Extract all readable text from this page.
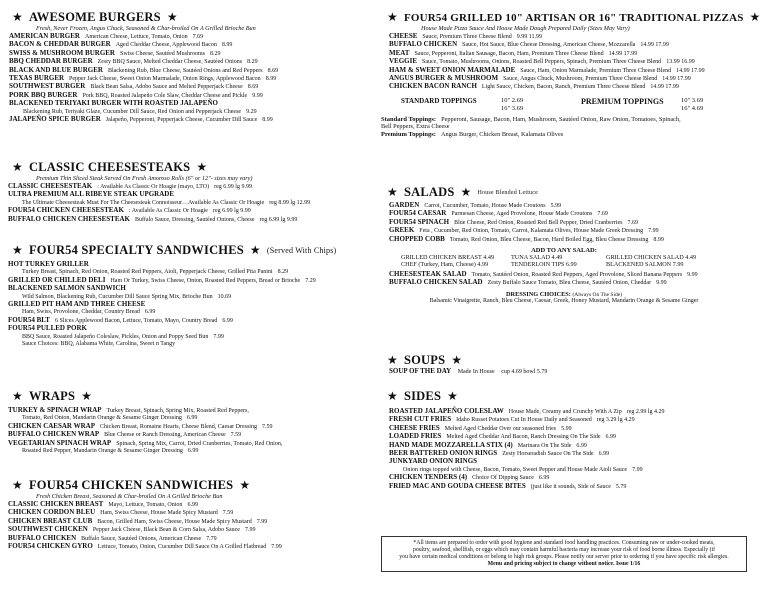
★ AWESOME BURGERS ★
Fresh, Never Frozen, Angus Chuck, Seasoned & Char-broiled On A Grilled Brioche Bun
AMERICAN BURGER American Cheese, Lettuce, Tomato, Onion 7.69
BACON & CHEDDAR BURGER Aged Cheddar Cheese, Applewood Bacon 8.99
SWISS & MUSHROOM BURGER Swiss Cheese, Sautéed Mushrooms 8.29
BBQ CHEDDAR BURGER Zesty BBQ Sauce, Melted Cheddar Cheese, Sautéed Onions 8.29
BLACK AND BLUE BURGER Blackening Rub, Blue Cheese, Sautéed Onions and Red Peppers 8.69
TEXAS BURGER Pepper Jack Cheese, Sweet Onion Marmalade, Onion Rings, Applewood Bacon 8.99
SOUTHWEST BURGER Black Bean Salsa, Adobo Sauce and Melted Pepperjack Cheese 8.69
PORK BBQ BURGER Pork BBQ, Roasted Jalapeño Cole Slaw, Cheddar Cheese and Pickle 9.99
BLACKENED TERIYAKI BURGER WITH ROASTED JALAPEÑO
Blackening Rub, Teriyaki Glaze, Cucumber Dill Sauce, Red Onion and Pepperjack Cheese 9.29
JALAPEÑO SPICE BURGER Jalapeño, Pepperoni, Pepperjack Cheese, Cucumber Dill Sauce 8.99
★ CLASSIC CHEESESTEAKS ★
Premium Thin Sliced Steak Served On Fresh Amoroso Rolls (6" or 12"- sizes may vary)
CLASSIC CHEESESTEAK : Available As Classic Or Hoagie (mayo, LTO) reg 6.99 lg 9.99
ULTRA PREMIUM ALL RIBEYE STEAK UPGRADE
The Ultimate Cheesesteak Must For The Cheesesteak Connoisseur…Available As Classic Or Hoagie reg 8.99 lg 12.99
FOUR54 CHICKEN CHEESESTEAK : Available As Classic Or Hoagie reg 6.99 lg 9.99
BUFFALO CHICKEN CHEESESTEAK Buffalo Sauce, Dressing, Sautéed Onions, Cheese reg 6.99 lg 9.99
★ FOUR54 SPECIALTY SANDWICHES ★ (Served With Chips)
HOT TURKEY GRILLER
Turkey Breast, Spinach, Red Onion, Roasted Red Peppers, Aioli, Pepperjack Cheese, Grilled Pita Panini 8.29
GRILLED OR CHILLED DELI Ham Or Turkey, Swiss Cheese, Onion, Roasted Red Peppers, Bread or Brioche 7.29
BLACKENED SALMON SANDWICH
Wild Salmon, Blackening Rub, Cucumber Dill Sauce Spring Mix, Brioche Bun 10.69
GRILLED PIT HAM AND THREE CHEESE
Ham, Swiss, Provolone, Cheddar, Country Bread 6.99
FOUR54 BLT 6 Slices Applewood Bacon, Lettuce, Tomato, Mayo, Country Bread 6.99
FOUR54 PULLED PORK
BBQ Sauce, Roasted Jalapeño Coleslaw, Pickles, Onion and Poppy Seed Bun 7.99
Sauce Choices: BBQ, Alabama White, Carolina, Sweet n Tangy
★ WRAPS ★
TURKEY & SPINACH WRAP Turkey Breast, Spinach, Spring Mix, Roasted Red Peppers,
Tomato, Red Onion, Mandarin Orange & Sesame Ginger Dressing 6.99
CHICKEN CAESAR WRAP Chicken Breast, Romaine Hearts, Cheese Blend, Caesar Dressing 7.59
BUFFALO CHICKEN WRAP Blue Cheese or Ranch Dressing, American Cheese 7.59
VEGETARIAN SPINACH WRAP Spinach, Spring Mix, Carrot, Dried Cranberries, Tomato, Red Onion,
Roasted Red Pepper, Mandarin Orange & Sesame Ginger Dressing 6.99
★ FOUR54 CHICKEN SANDWICHES ★
Fresh Chicken Breast, Seasoned & Char-broiled On A Grilled Brioche Bun
CLASSIC CHICKEN BREAST Mayo, Lettuce, Tomato, Onion 6.99
CHICKEN CORDON BLEU Ham, Swiss Cheese, House Made Spicy Mustard 7.59
CHICKEN BREAST CLUB Bacon, Grilled Ham, Swiss Cheese, House Made Spicy Mustard 7.99
SOUTHWEST CHICKEN Pepper Jack Cheese, Black Bean & Corn Salsa, Adobo Sauce 7.99
BUFFALO CHICKEN Buffalo Sauce, Sautéed Onions, American Cheese 7.79
FOUR54 CHICKEN GYRO Lettuce, Tomato, Onion, Cucumber Dill Sauce On A Grilled Flatbread 7.99
★ FOUR54 GRILLED 10" ARTISAN OR 16" TRADITIONAL PIZZAS ★
House Made Pizza Sauce And House Made Dough Prepared Daily (Sizes May Vary)
CHEESE Sauce, Premium Three Cheese Blend 9.99 11.99
BUFFALO CHICKEN Sauce, Hot Sauce, Blue Cheese Dressing, American Cheese, Mozzarella 14.99 17.99
MEAT Sauce, Pepperoni, Italian Sausage, Bacon, Ham, Premium Three Cheese Blend 14.99 17.99
VEGGIE Sauce, Tomato, Mushrooms, Onions, Roasted Bell Peppers, Spinach, Premium Three Cheese Blend 13.99 16.99
HAM & SWEET ONION MARMALADE Sauce, Ham, Onion Marmalade, Premium Three Cheese Blend 14.99 17.99
ANGUS BURGER & MUSHROOM Sauce, Angus Chuck, Mushroom, Premium Three Cheese Blend 14.99 17.99
CHICKEN BACON RANCH Light Sauce, Chicken, Bacon, Ranch, Premium Three Cheese Blend 14.99 17.99
STANDARD TOPPINGS	10" 2.69
16" 3.69
PREMIUM TOPPINGS	10" 3.69
16" 4.69
Standard Toppings: Pepperoni, Sausage, Bacon, Ham, Mushroom, Sautéed Onion, Raw Onion, Tomatoes, Spinach,
Bell Peppers, Extra Cheese
Premium Toppings: Angus Burger, Chicken Breast, Kalamata Olives
★ SALADS ★ House Blended Lettuce
GARDEN Carrot, Cucumber, Tomato, House Made Croutons 5.99
FOUR54 CAESAR Parmesan Cheese, Aged Provolone, House Made Croutons 7.69
FOUR54 SPINACH Blue Cheese, Red Onion, Roasted Red Bell Pepper, Dried Cranberries 7.69
GREEK Feta , Cucumber, Red Onion, Tomato, Carrot, Kalamata Olives, House Made Greek Dressing 7.99
CHOPPED COBB Tomato, Red Onion, Bleu Cheese, Bacon, Hard Boiled Egg, Bleu Cheese Dressing 8.99
ADD TO ANY SALAD:
GRILLED CHICKEN BREAST 4.49	TUNA SALAD 4.49	GRILLED CHICKEN SALAD 4.49
CHEF (Turkey, Ham, Cheese) 4.99	TENDERLOIN TIPS 6.99	BLACKENED SALMON 7.99
CHEESESTEAK SALAD Tomato, Sautéed Onion, Roasted Red Peppers, Aged Provolone, Sliced Banana Peppers 9.99
BUFFALO CHICKEN SALAD Zesty Buffalo Sauce Tomato, Bleu Cheese, Sautéed Onion, Cheddar 9.99
DRESSING CHOICES: (Always On The Side)
Balsamic Vinaigrette, Ranch, Bleu Cheese, Caesar, Greek, Honey Mustard, Mandarin Orange & Sesame Ginger
★ SOUPS ★
SOUP OF THE DAY Made In House cup 4.69 bowl 5.79
★ SIDES ★
ROASTED JALAPEÑO COLESLAW House Made, Creamy and Crunchy With A Zip reg 2.99 lg 4.29
FRESH CUT FRIES Idaho Russet Potatoes Cut In House Daily and Seasoned reg 3.29 lg 4.29
CHEESE FRIES Melted Aged Cheddar Over our seasoned fries 5.99
LOADED FRIES Melted Aged Cheddar And Bacon, Ranch Dressing On The Side 6.99
HAND MADE MOZZARELLA STIX (4) Marinara On The Side 6.99
BEER BATTERED ONION RINGS Zesty Horseradish Sauce On The Side 6.99
JUNKYARD ONION RINGS
Onion rings topped with Cheese, Bacon, Tomato, Sweet Pepper and House Made Aioli Sauce 7.99
CHICKEN TENDERS (4) Choice Of Dipping Sauce 6.99
FRIED MAC AND GOUDA CHEESE BITES (just like it sounds, Side of Sauce 5.79
*All items are prepared to order with good hygiene and standard food handling practices. Consuming raw or under-cooked meats,
poultry, seafood, shellfish, or eggs which may contain harmful bacteria may increase your risk of food borne illness. Especially (if
you have certain medical conditions or belong to high risk groups. Please notify our server prior to ordering if you have specific risk allergies.
Menu and pricing subject to change without notice. Issue 1/16
